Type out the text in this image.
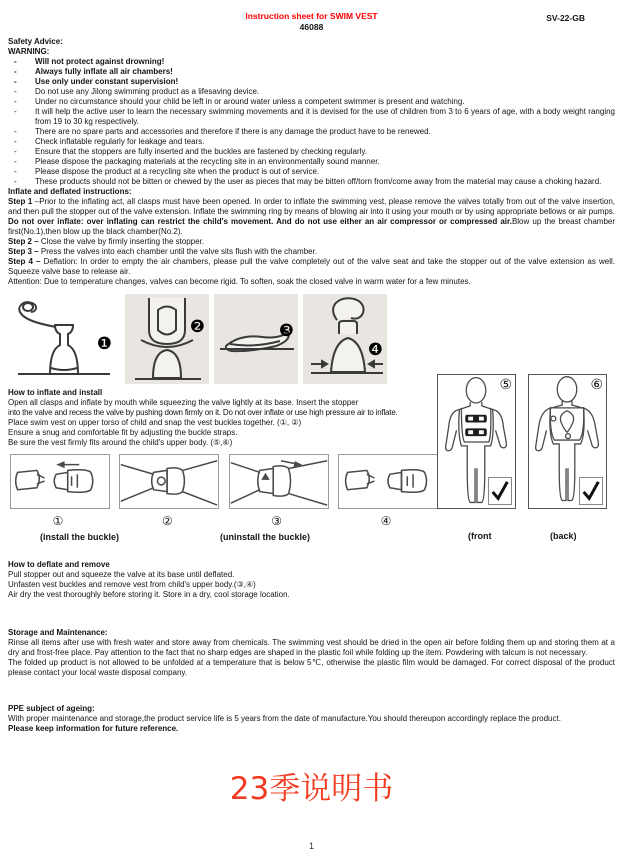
Instruction sheet for SWIM VEST
46088
SV-22-GB
Safety Advice:
WARNING:
- Will not protect against drowning!
- Always fully inflate all air chambers!
- Use only under constant supervision!
- Do not use any Jilong swimming product as a lifesaving device.
- Under no circumstance should your child be left in or around water unless a competent swimmer is present and watching.
- It will help the active user to learn the necessary swimming movements and it is devised for the use of children from 3 to 6 years of age, with a body weight ranging from 19 to 30 kg respectively.
- There are no spare parts and accessories and therefore if there is any damage the product have to be renewed.
- Check inflatable regularly for leakage and tears.
- Ensure that the stoppers are fully inserted and the buckles are fastened by checking regularly.
- Please dispose the packaging materials at the recycling site in an environmentally sound manner.
- Please dispose the product at a recycling site when the product is out of service.
- These products should not be bitten or chewed by the user as pieces that may be bitten off/torn from/come away from the material may cause a choking hazard.
Inflate and deflated instructions:

Step 1 –Prior to the inflating act, all clasps must have been opened. In order to inflate the swimming vest, please remove the valves totally from out of the valve insertion, and then pull the stopper out of the valve extension. Inflate the swimming ring by means of blowing air into it using your mouth or by using appropriate bellows or air pumps. Do not over inflate: over inflating can restrict the child's movement. And do not use either an air compressor or compressed air.Blow up the breast chamber first(No.1),then blow up the black chamber(No.2).

Step 2 – Close the valve by firmly inserting the stopper.

Step 3 – Press the valves into each chamber until the valve sits flush with the chamber.

Step 4 – Deflation: In order to empty the air chambers, please pull the valve completely out of the valve seat and take the stopper out of the valve extension as well. Squeeze valve base to release air.

Attention: Due to temperature changes, valves can become rigid. To soften, soak the closed valve in warm water for a few minutes.

❶
❷	❸
❹
How to inflate and install
Open all clasps and inflate by mouth while squeezing the valve lightly at its base. Insert the stopper
into the valve and recess the valve by pushing down firmly on it. Do not over inflate or use high pressure air to inflate.
Place swim vest on upper torso of child and snap the vest buckles together. (①, ②)
Ensure a snug and comfortable fit by adjusting the buckle straps.
Be sure the vest firmly fits around the child's upper body. (⑤,⑥)
①	②	③	④
(install the buckle)	(uninstall the buckle)
How to deflate and remove
Pull stopper out and squeeze the valve at its base until deflated.
Unfasten vest buckles and remove vest from child's upper body.(③,④)
Air dry the vest thoroughly before storing it. Store in a dry, cool storage location.
Storage and Maintenance:

Rinse all items after use with fresh water and store away from chemicals. The swimming vest should be dried in the open air before folding them up and storing them at a dry and frost-free place. Pay attention to the fact that no sharp edges are shaped in the plastic foil while folding up the item. Powdering with talcum is not necessary.

The folded up product is not allowed to be unfolded at a temperature that is below 5℃, otherwise the plastic film would be damaged. For correct disposal of the product please contact your local waste disposal company.

PPE subject of ageing:
With proper maintenance and storage,the product service life is 5 years from the date of manufacture.You should thereupon accordingly replace the product.
Please keep information for future reference.
⑤	⑥
(front	(back)
23季说明书
1
